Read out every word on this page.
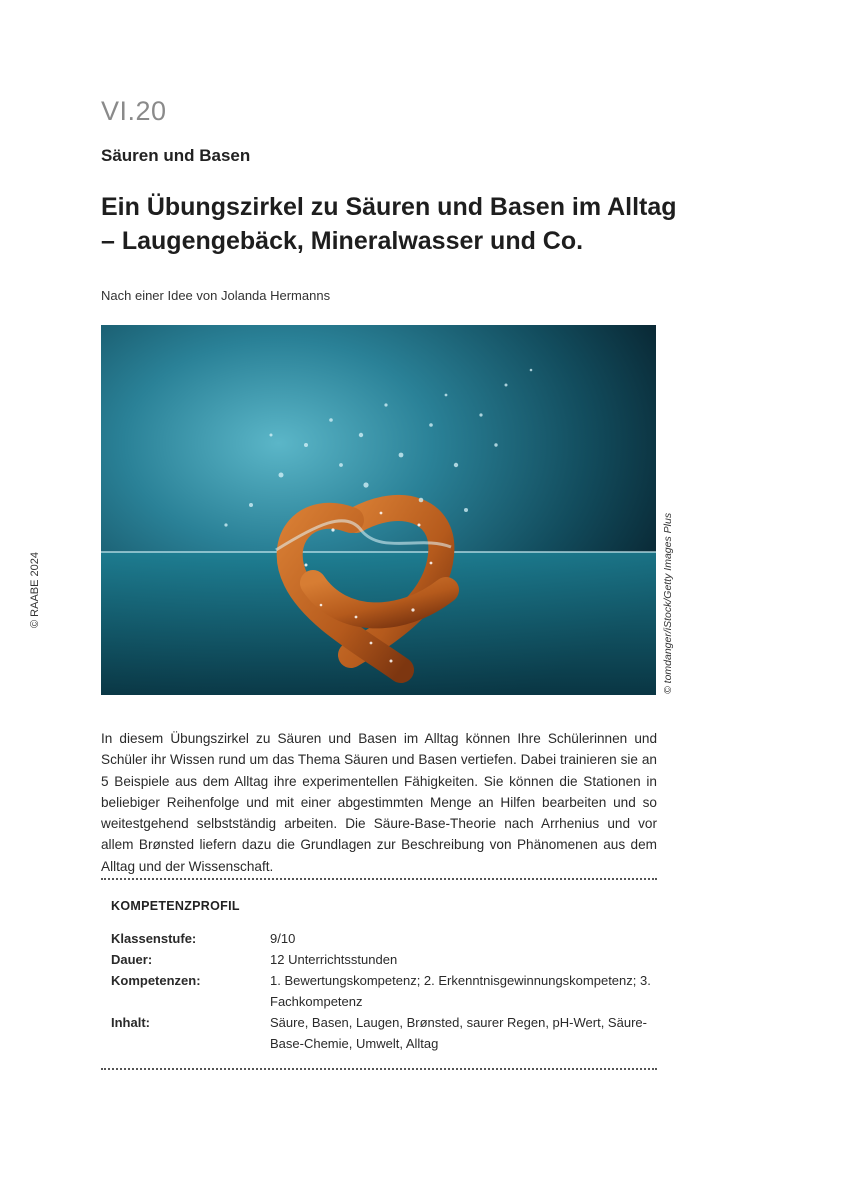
VI.20
Säuren und Basen
Ein Übungszirkel zu Säuren und Basen im Alltag – Laugengebäck, Mineralwasser und Co.
Nach einer Idee von Jolanda Hermanns
© RAABE 2024	© tomdanger/iStock/Getty Images Plus

In diesem Übungszirkel zu Säuren und Basen im Alltag können Ihre Schülerinnen und Schüler ihr Wissen rund um das Thema Säuren und Basen vertiefen. Dabei trainieren sie an 5 Beispiele aus dem Alltag ihre experimentellen Fähigkeiten. Sie können die Stationen in beliebiger Reihenfolge und mit einer abgestimmten Menge an Hilfen bearbeiten und so weitestgehend selbstständig arbeiten. Die Säure-Base-Theorie nach Arrhenius und vor allem Brønsted liefern dazu die Grundlagen zur Beschreibung von Phänomenen aus dem Alltag und der Wissenschaft.

KOMPETENZPROFIL
Klassenstufe:	9/10
Dauer:	12 Unterrichtsstunden
Kompetenzen:	1. Bewertungskompetenz; 2. Erkenntnisgewinnungskompetenz; 3. Fachkompetenz
Inhalt:	Säure, Basen, Laugen, Brønsted, saurer Regen, pH-Wert, Säure-Base-Chemie, Umwelt, Alltag
